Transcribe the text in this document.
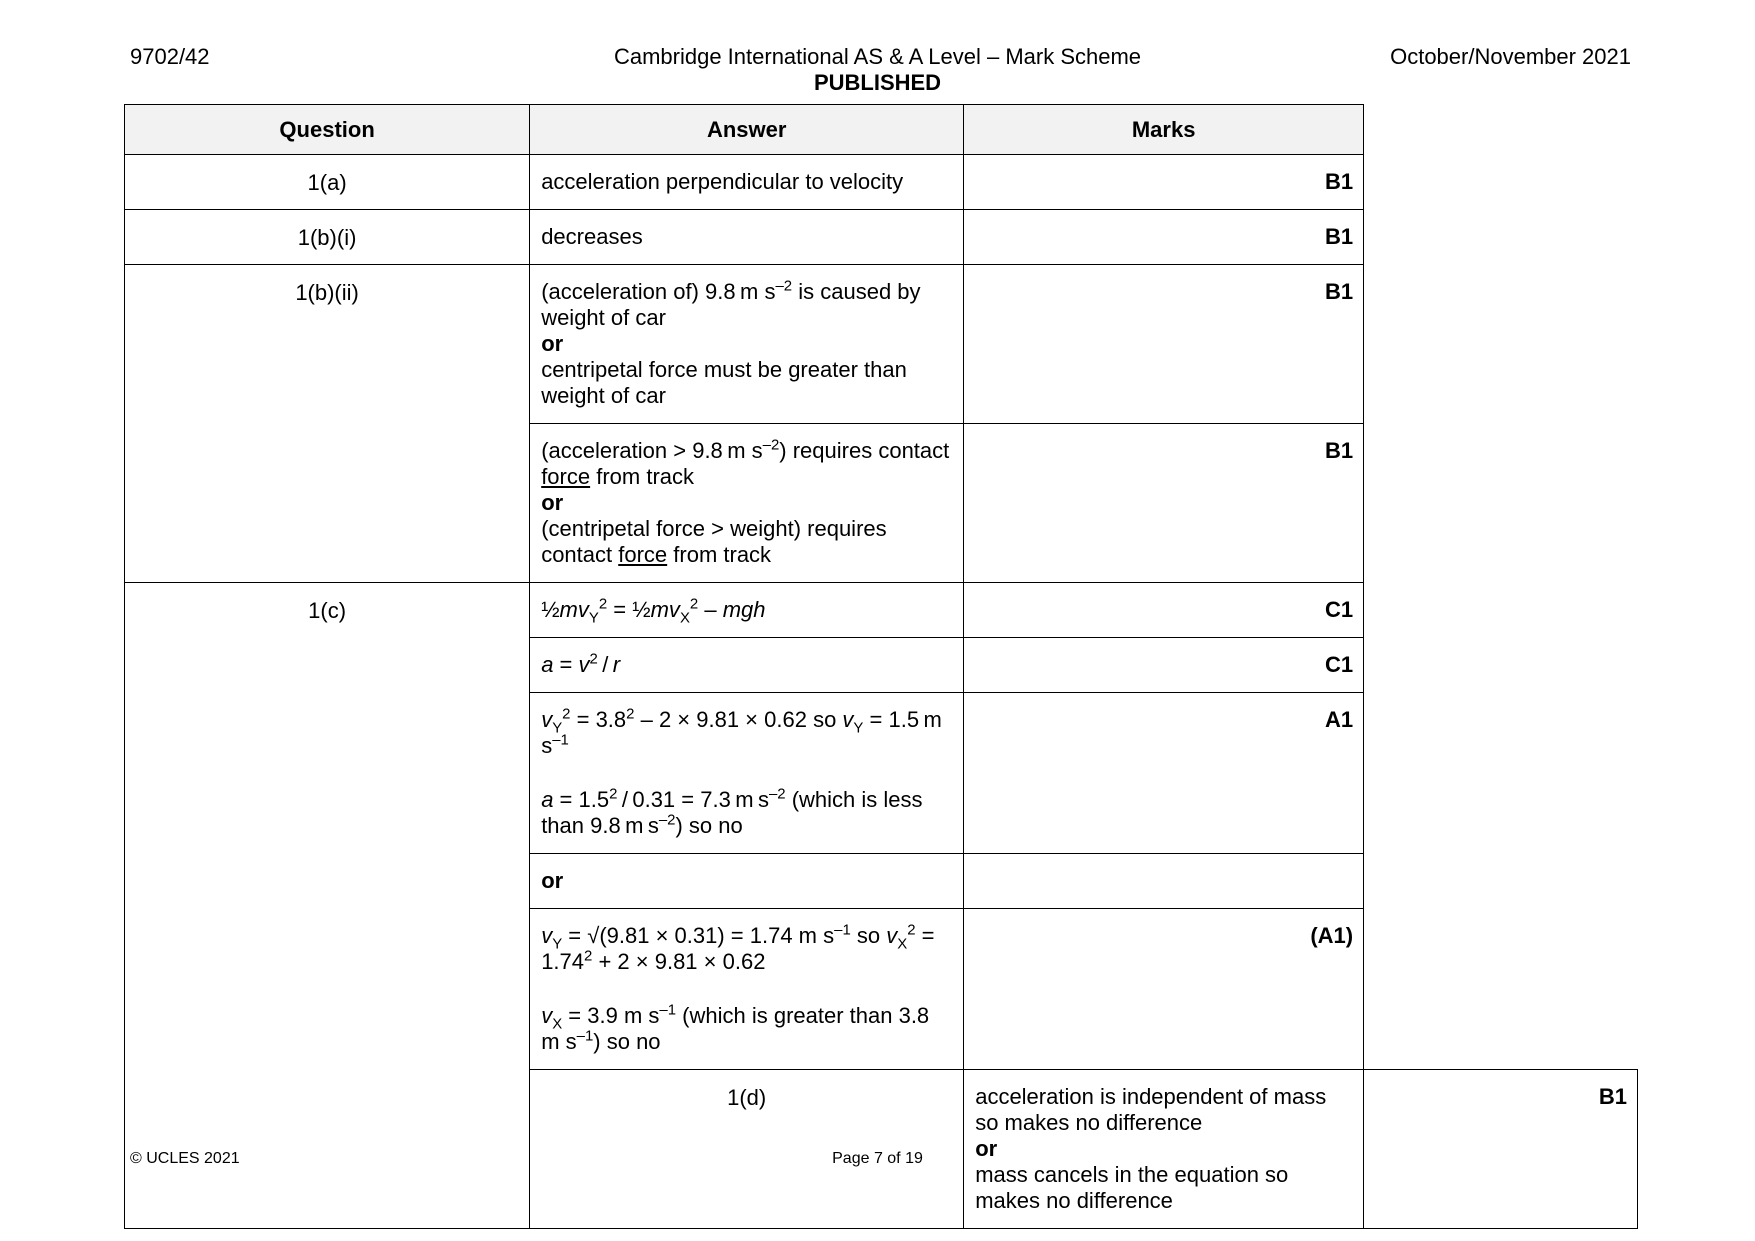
9702/42	Cambridge International AS & A Level – Mark Scheme
PUBLISHED
October/November 2021
Question	Answer	Marks	
1(a)	acceleration perpendicular to velocity	B1	
1(b)(i)	decreases	B1	
1(b)(ii)	(acceleration of) 9.8  m $s^{-2}$ is caused by weight of car
or
centripetal force must be greater than weight of car	B1	

	(acceleration > 9.8  m $s^{-2}$) requires contact force from track
or
(centripetal force > weight) requires contact force from track	B1	
1(c)	$\frac{1}{2}mv_Y^2$ = $\frac{1}{2}mv_X^2$ – mgh	C1	

	$a = v^2 / r$	C1	

	$v_Y^2 = 3.8^2 - 2 \times 9.81 \times 0.62$ so $v_Y = 1.5$ m $s^{-1}$
$a = 1.5^2 / 0.31 = 7.3$ m $s^{-2}$ (which is less than 9.8 m $s^{-2}$) so no	A1	

	or		

	$v_Y = √(9.81 \times 0.31) = 1.74$ m $s^{-1}$ so $v_X^2 = 1.74^2 + 2 \times 9.81 \times 0.62$
$v_X = 3.9$ m $s^{-1}$ (which is greater than 3.8 m $s^{-1}$) so no	(A1)	
	1(d)	acceleration is independent of mass so makes no difference
or
mass cancels in the equation so makes no difference	B1
© UCLES 2021	Page 7 of 19
